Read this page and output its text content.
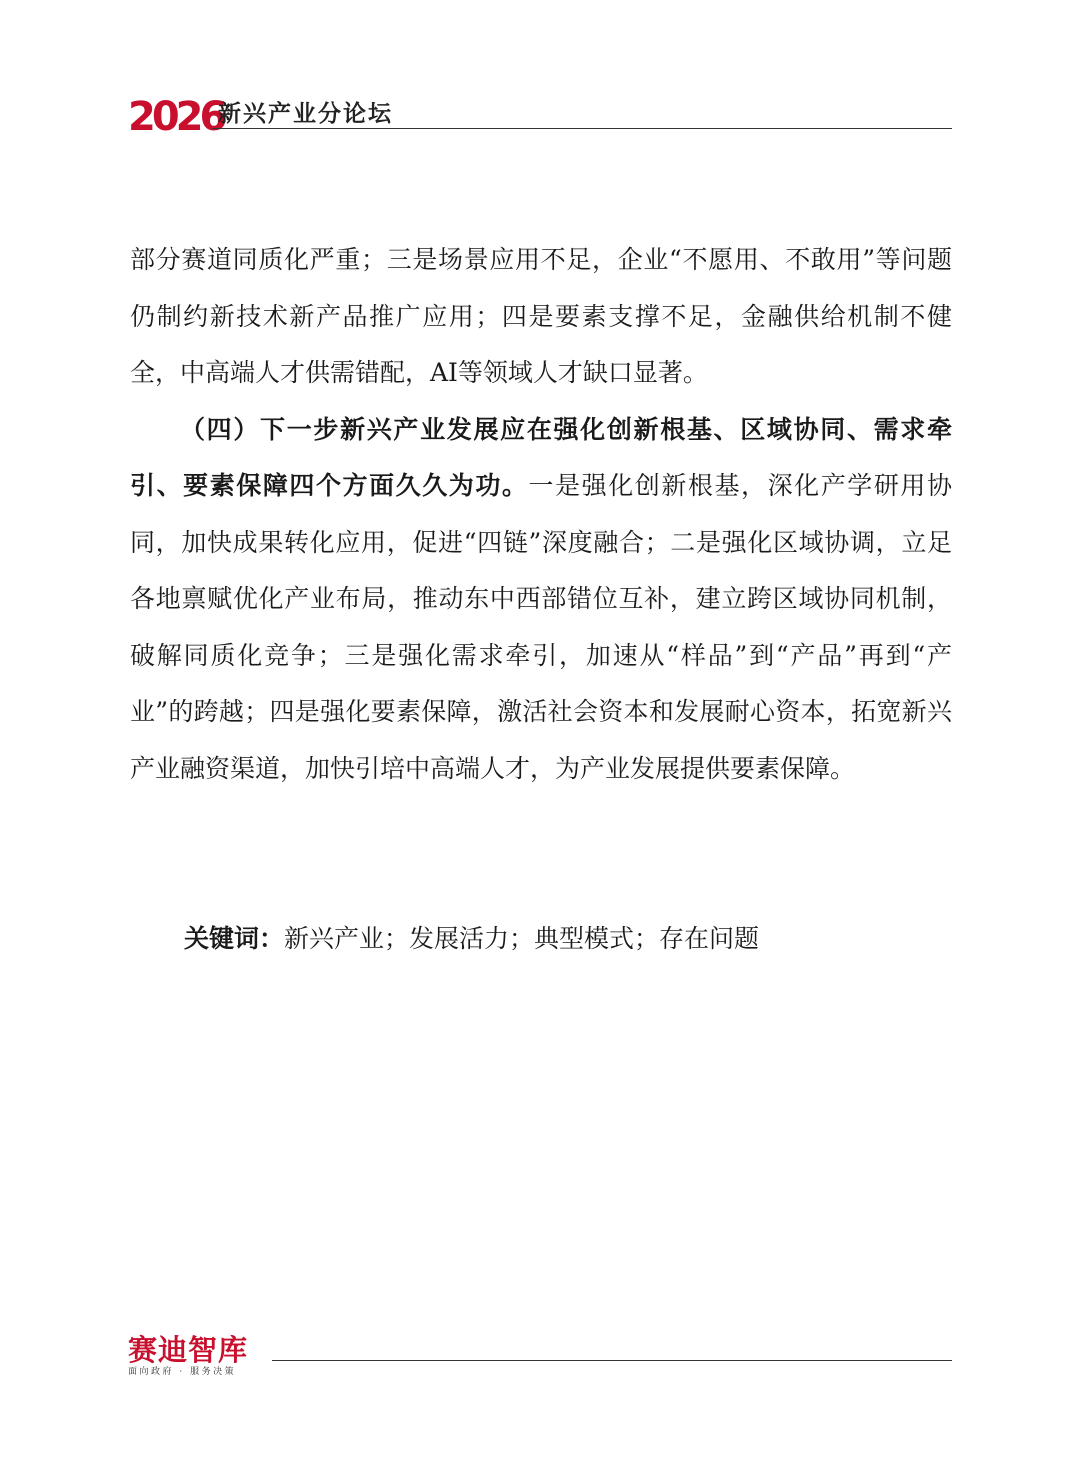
2026
新兴产业分论坛

部分赛道同质化严重；三是场景应用不足，企业“不愿用、不敢用”等问题仍制约新技术新产品推广应用；四是要素支撑不足，金融供给机制不健全，中高端人才供需错配，AI等领域人才缺口显著。

（四）下一步新兴产业发展应在强化创新根基、区域协同、需求牵引、要素保障四个方面久久为功。一是强化创新根基，深化产学研用协同，加快成果转化应用，促进“四链”深度融合；二是强化区域协调，立足各地禀赋优化产业布局，推动东中西部错位互补，建立跨区域协同机制，破解同质化竞争；三是强化需求牵引，加速从“样品”到“产品”再到“产业”的跨越；四是强化要素保障，激活社会资本和发展耐心资本，拓宽新兴产业融资渠道，加快引培中高端人才，为产业发展提供要素保障。

关键词：新兴产业；发展活力；典型模式；存在问题
赛迪智库
面向政府 · 服务决策
